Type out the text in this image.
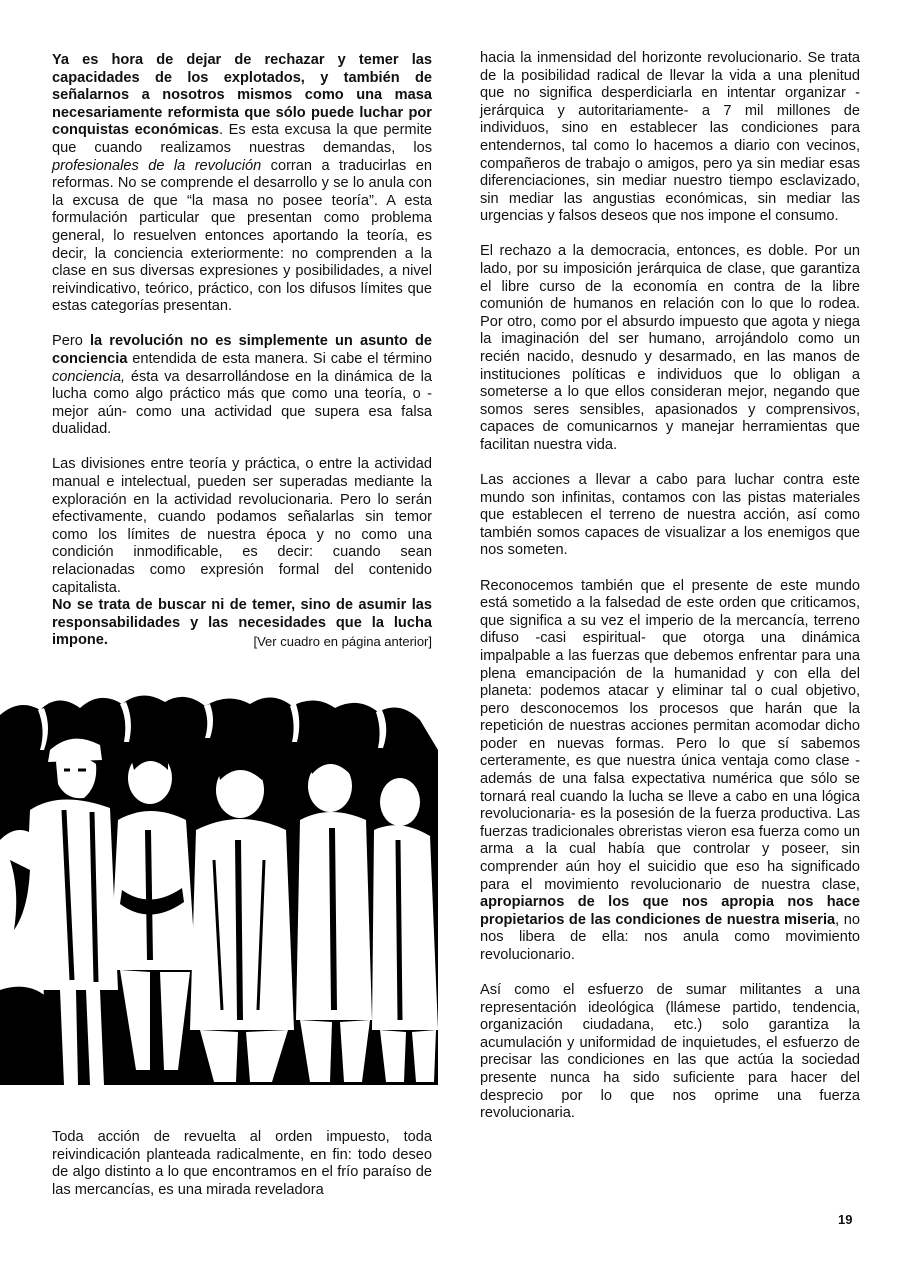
Ya es hora de dejar de rechazar y temer las capacidades de los explotados, y también de señalarnos a nosotros mismos como una masa necesariamente reformista que sólo puede luchar por conquistas económicas. Es esta excusa la que permite que cuando realizamos nuestras demandas, los profesionales de la revolución corran a traducirlas en reformas. No se comprende el desarrollo y se lo anula con la excusa de que “la masa no posee teoría”. A esta formulación particular que presentan como problema general, lo resuelven entonces aportando la teoría, es decir, la conciencia exteriormente: no comprenden a la clase en sus diversas expresiones y posibilidades, a nivel reivindicativo, teórico, práctico, con los difusos límites que estas categorías presentan.

Pero la revolución no es simplemente un asunto de conciencia entendida de esta manera. Si cabe el término conciencia, ésta va desarrollándose en la dinámica de la lucha como algo práctico más que como una teoría, o -mejor aún- como una actividad que supera esa falsa dualidad.

Las divisiones entre teoría y práctica, o entre la actividad manual e intelectual, pueden ser superadas mediante la exploración en la actividad revolucionaria. Pero lo serán efectivamente, cuando podamos señalarlas sin temor como los límites de nuestra época y no como una condición inmodificable, es decir: cuando sean relacionadas como expresión formal del contenido capitalista.

No se trata de buscar ni de temer, sino de asumir las responsabilidades y las necesidades que la lucha impone.	[Ver cuadro en página anterior]

Toda acción de revuelta al orden impuesto, toda reivindicación planteada radicalmente, en fin: todo deseo de algo distinto a lo que encontramos en el frío paraíso de las mercancías, es una mirada reveladora

hacia la inmensidad del horizonte revolucionario. Se trata de la posibilidad radical de llevar la vida a una plenitud que no significa desperdiciarla en intentar organizar -jerárquica y autoritariamente- a 7 mil millones de individuos, sino en establecer las condiciones para entendernos, tal como lo hacemos a diario con vecinos, compañeros de trabajo o amigos, pero ya sin mediar esas diferenciaciones, sin mediar nuestro tiempo esclavizado, sin mediar las angustias económicas, sin mediar las urgencias y falsos deseos que nos impone el consumo.

El rechazo a la democracia, entonces, es doble. Por un lado, por su imposición jerárquica de clase, que garantiza el libre curso de la economía en contra de la libre comunión de humanos en relación con lo que lo rodea. Por otro, como por el absurdo impuesto que agota y niega la imaginación del ser humano, arrojándolo como un recién nacido, desnudo y desarmado, en las manos de instituciones políticas e individuos que lo obligan a someterse a lo que ellos consideran mejor, negando que somos seres sensibles, apasionados y comprensivos, capaces de comunicarnos y manejar herramientas que facilitan nuestra vida.

Las acciones a llevar a cabo para luchar contra este mundo son infinitas, contamos con las pistas materiales que establecen el terreno de nuestra acción, así como también somos capaces de visualizar a los enemigos que nos someten.

Reconocemos también que el presente de este mundo está sometido a la falsedad de este orden que criticamos, que significa a su vez el imperio de la mercancía, terreno difuso -casi espiritual- que otorga una dinámica impalpable a las fuerzas que debemos enfrentar para una plena emancipación de la humanidad y con ella del planeta: podemos atacar y eliminar tal o cual objetivo, pero desconocemos los procesos que harán que la repetición de nuestras acciones permitan acomodar dicho poder en nuevas formas. Pero lo que sí sabemos certeramente, es que nuestra única ventaja como clase -además de una falsa expectativa numérica que sólo se tornará real cuando la lucha se lleve a cabo en una lógica revolucionaria- es la posesión de la fuerza productiva. Las fuerzas tradicionales obreristas vieron esa fuerza como un arma a la cual había que controlar y poseer, sin comprender aún hoy el suicidio que eso ha significado para el movimiento revolucionario de nuestra clase, apropiarnos de los que nos apropia nos hace propietarios de las condiciones de nuestra miseria, no nos libera de ella: nos anula como movimiento revolucionario.

Así como el esfuerzo de sumar militantes a una representación ideológica (llámese partido, tendencia, organización ciudadana, etc.) solo garantiza la acumulación y uniformidad de inquietudes, el esfuerzo de precisar las condiciones en las que actúa la sociedad presente nunca ha sido suficiente para hacer del desprecio por lo que nos oprime una fuerza revolucionaria.

19
